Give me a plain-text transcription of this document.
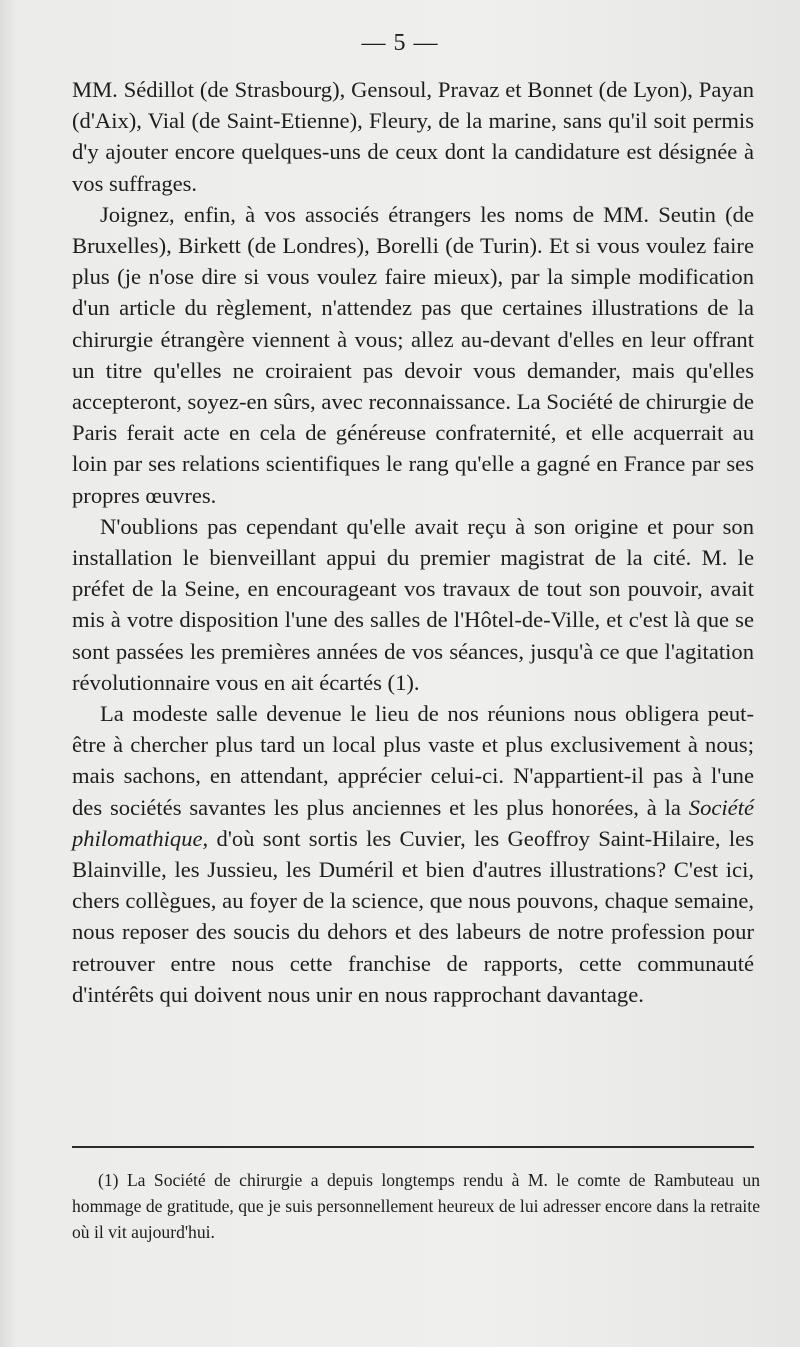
— 5 —

MM. Sédillot (de Strasbourg), Gensoul, Pravaz et Bonnet (de Lyon), Payan (d'Aix), Vial (de Saint-Etienne), Fleury, de la marine, sans qu'il soit permis d'y ajouter encore quelques-uns de ceux dont la candidature est désignée à vos suffrages.

Joignez, enfin, à vos associés étrangers les noms de MM. Seutin (de Bruxelles), Birkett (de Londres), Borelli (de Turin). Et si vous voulez faire plus (je n'ose dire si vous voulez faire mieux), par la simple modification d'un article du règlement, n'attendez pas que certaines illustrations de la chirurgie étrangère viennent à vous; allez au-devant d'elles en leur offrant un titre qu'elles ne croiraient pas devoir vous demander, mais qu'elles accepteront, soyez-en sûrs, avec reconnaissance. La Société de chirurgie de Paris ferait acte en cela de généreuse confraternité, et elle acquerrait au loin par ses relations scientifiques le rang qu'elle a gagné en France par ses propres œuvres.

N'oublions pas cependant qu'elle avait reçu à son origine et pour son installation le bienveillant appui du premier magistrat de la cité. M. le préfet de la Seine, en encourageant vos travaux de tout son pouvoir, avait mis à votre disposition l'une des salles de l'Hôtel-de-Ville, et c'est là que se sont passées les premières années de vos séances, jusqu'à ce que l'agitation révolutionnaire vous en ait écartés (1).

La modeste salle devenue le lieu de nos réunions nous obligera peut-être à chercher plus tard un local plus vaste et plus exclusivement à nous; mais sachons, en attendant, apprécier celui-ci. N'appartient-il pas à l'une des sociétés savantes les plus anciennes et les plus honorées, à la Société philomathique, d'où sont sortis les Cuvier, les Geoffroy Saint-Hilaire, les Blainville, les Jussieu, les Duméril et bien d'autres illustrations? C'est ici, chers collègues, au foyer de la science, que nous pouvons, chaque semaine, nous reposer des soucis du dehors et des labeurs de notre profession pour retrouver entre nous cette franchise de rapports, cette communauté d'intérêts qui doivent nous unir en nous rapprochant davantage.

(1) La Société de chirurgie a depuis longtemps rendu à M. le comte de Rambuteau un hommage de gratitude, que je suis personnellement heureux de lui adresser encore dans la retraite où il vit aujourd'hui.
